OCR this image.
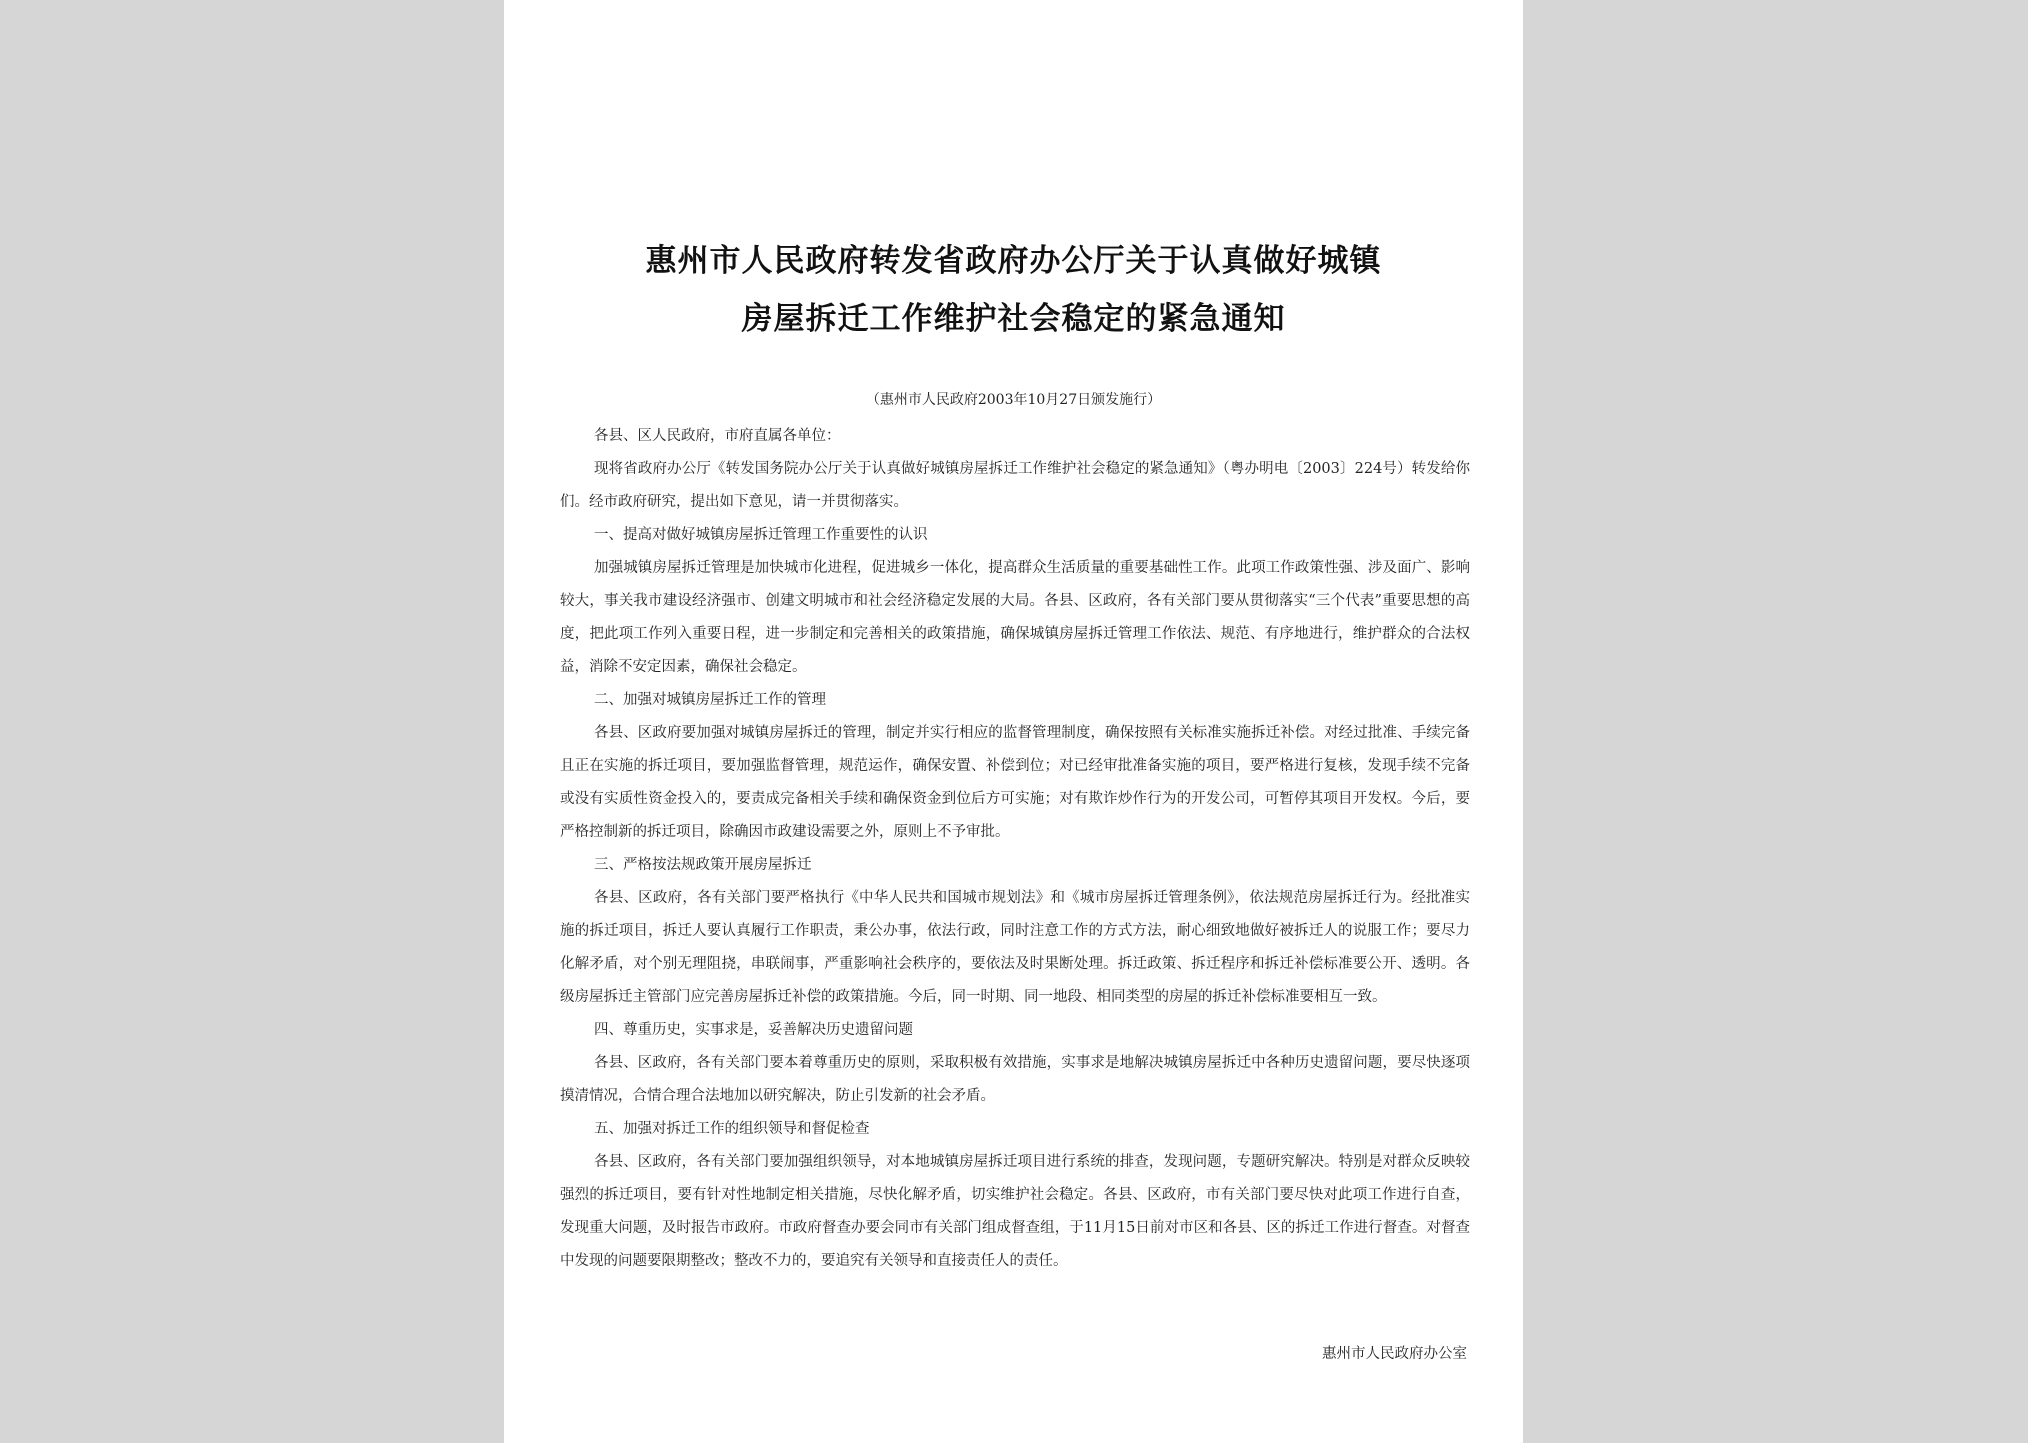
惠州市人民政府转发省政府办公厅关于认真做好城镇
房屋拆迁工作维护社会稳定的紧急通知
（惠州市人民政府2003年10月27日颁发施行）

各县、区人民政府，市府直属各单位：

现将省政府办公厅《转发国务院办公厅关于认真做好城镇房屋拆迁工作维护社会稳定的紧急通知》（粤办明电〔2003〕224号）转发给你们。经市政府研究，提出如下意见，请一并贯彻落实。

一、提高对做好城镇房屋拆迁管理工作重要性的认识

加强城镇房屋拆迁管理是加快城市化进程，促进城乡一体化，提高群众生活质量的重要基础性工作。此项工作政策性强、涉及面广、影响较大，事关我市建设经济强市、创建文明城市和社会经济稳定发展的大局。各县、区政府，各有关部门要从贯彻落实“三个代表”重要思想的高度，把此项工作列入重要日程，进一步制定和完善相关的政策措施，确保城镇房屋拆迁管理工作依法、规范、有序地进行，维护群众的合法权益，消除不安定因素，确保社会稳定。

二、加强对城镇房屋拆迁工作的管理

各县、区政府要加强对城镇房屋拆迁的管理，制定并实行相应的监督管理制度，确保按照有关标准实施拆迁补偿。对经过批准、手续完备且正在实施的拆迁项目，要加强监督管理，规范运作，确保安置、补偿到位；对已经审批准备实施的项目，要严格进行复核，发现手续不完备或没有实质性资金投入的，要责成完备相关手续和确保资金到位后方可实施；对有欺诈炒作行为的开发公司，可暂停其项目开发权。今后，要严格控制新的拆迁项目，除确因市政建设需要之外，原则上不予审批。

三、严格按法规政策开展房屋拆迁

各县、区政府，各有关部门要严格执行《中华人民共和国城市规划法》和《城市房屋拆迁管理条例》，依法规范房屋拆迁行为。经批准实施的拆迁项目，拆迁人要认真履行工作职责，秉公办事，依法行政，同时注意工作的方式方法，耐心细致地做好被拆迁人的说服工作；要尽力化解矛盾，对个别无理阻挠，串联闹事，严重影响社会秩序的，要依法及时果断处理。拆迁政策、拆迁程序和拆迁补偿标准要公开、透明。各级房屋拆迁主管部门应完善房屋拆迁补偿的政策措施。今后，同一时期、同一地段、相同类型的房屋的拆迁补偿标准要相互一致。

四、尊重历史，实事求是，妥善解决历史遗留问题

各县、区政府，各有关部门要本着尊重历史的原则，采取积极有效措施，实事求是地解决城镇房屋拆迁中各种历史遗留问题，要尽快逐项摸清情况，合情合理合法地加以研究解决，防止引发新的社会矛盾。

五、加强对拆迁工作的组织领导和督促检查

各县、区政府，各有关部门要加强组织领导，对本地城镇房屋拆迁项目进行系统的排查，发现问题，专题研究解决。特别是对群众反映较强烈的拆迁项目，要有针对性地制定相关措施，尽快化解矛盾，切实维护社会稳定。各县、区政府，市有关部门要尽快对此项工作进行自查，发现重大问题，及时报告市政府。市政府督查办要会同市有关部门组成督查组，于11月15日前对市区和各县、区的拆迁工作进行督查。对督查中发现的问题要限期整改；整改不力的，要追究有关领导和直接责任人的责任。

惠州市人民政府办公室
